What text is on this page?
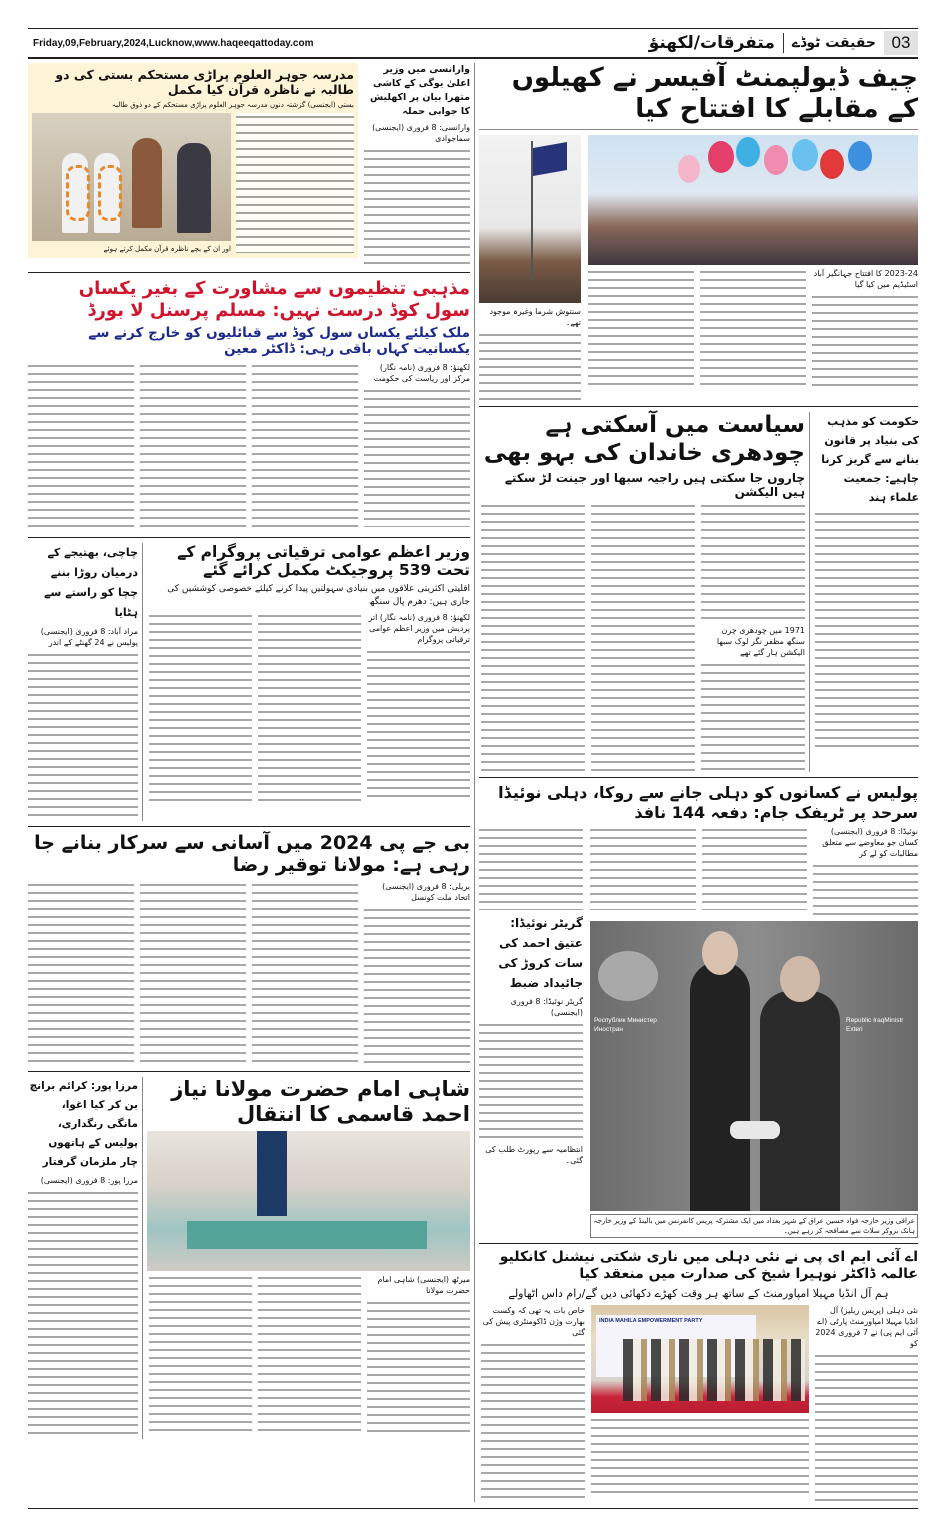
Friday,09,February,2024,Lucknow,www.haqeeqattoday.com	متفرقات/لکھنؤ	حقیقت ٹوڈے 03
مدرسہ جوہر العلوم پراڑی مستحکم بستی کی دو طالبہ نے ناظرہ قرآن کیا مکمل
بستی (ایجنسی) گزشتہ دنوں مدرسہ جوہر العلوم پراڑی مستحکم کے دو ذوق طالبہ
اور ان کے بچے ناظرہ قرآن مکمل کرتے ہوئے
وارانسی میں وزیر اعلیٰ یوگی کے کاشی متھرا بیان پر اکھلیش کا جوابی حملہ
وارانسی: 8 فروری (ایجنسی) سماجوادی
مذہبی تنظیموں سے مشاورت کے بغیر یکساں سول کوڈ درست نہیں: مسلم پرسنل لا بورڈ
ملک کیلئے یکساں سول کوڈ سے قبائلیوں کو خارج کرنے سے یکسانیت کہاں باقی رہی: ڈاکٹر معین
لکھنؤ: 8 فروری (نامہ نگار) مرکز اور ریاست کی حکومت
چاچی، بھتیجے کے درمیان روڑا بننے چچا کو راستے سے ہٹایا
مراد آباد: 8 فروری (ایجنسی) پولیس نے 24 گھنٹے کے اندر
وزیر اعظم عوامی ترقیاتی پروگرام کے تحت 539 پروجیکٹ مکمل کرائے گئے
اقلیتی اکثریتی علاقوں میں بنیادی سہولتیں پیدا کرنے کیلئے خصوصی کوششیں کی جاری ہیں: دھرم پال سنگھ
لکھنؤ: 8 فروری (نامہ نگار) اتر پردیش میں وزیر اعظم عوامی ترقیاتی پروگرام
بی جے پی 2024 میں آسانی سے سرکار بنانے جا رہی ہے: مولانا توقیر رضا
بریلی: 8 فروری (ایجنسی) اتحاد ملت کونسل
مرزا پور: کرائم برانچ بن کر کیا اغوا، مانگی رنگداری، پولیس کے ہاتھوں چار ملزمان گرفتار
مرزا پور: 8 فروری (ایجنسی)
شاہی امام حضرت مولانا نیاز احمد قاسمی کا انتقال
میرٹھ (ایجنسی) شاہی امام حضرت مولانا
چیف ڈیولپمنٹ آفیسر نے کھیلوں کے مقابلے کا افتتاح کیا
2023-24 کا افتتاح جہانگیر آباد اسٹیڈیم میں کیا گیا
سنتوش شرما وغیرہ موجود تھے۔
سیاست میں آسکتی ہے چودھری خاندان کی بہو بھی
چاروں جا سکتی ہیں راجیہ سبھا اور جینت لڑ سکتے ہیں الیکشن
1971 میں چودھری چرن سنگھ مظفر نگر لوک سبھا الیکشن ہار گئے تھے
حکومت کو مذہب کی بنیاد پر قانون بنانے سے گریز کرنا چاہیے: جمعیت علماء ہند
پولیس نے کسانوں کو دہلی جانے سے روکا، دہلی نوئیڈا سرحد پر ٹریفک جام: دفعہ 144 نافذ
نوئیڈا: 8 فروری (ایجنسی) کسان جو معاوضے سے متعلق مطالبات کو لے کر
Республик Министер Иностран
Republic IraqMinistr Exteri
عراقی وزیر خارجہ فواد حسین عراق کے شہر بغداد میں ایک مشترکہ پریس کانفرنس میں بالینڈ کے وزیر خارجہ ہانک بروکر سلاٹ سے مصافحہ کر رہے ہیں۔
گریٹر نوئیڈا: عتیق احمد کی سات کروڑ کی جائیداد ضبط
گریٹر نوئیڈا: 8 فروری (ایجنسی)
انتظامیہ سے رپورٹ طلب کی گئی۔
اے آئی ایم ای پی نے نئی دہلی میں ناری شکتی نیشنل کانکلیو عالمہ ڈاکٹر نوہیرا شیخ کی صدارت میں منعقد کیا
ہم آل انڈیا مہیلا امپاورمنٹ کے ساتھ ہر وقت کھڑے دکھائی دیں گے/رام داس اٹھاولے
نئی دہلی (پریس ریلیز) آل انڈیا مہیلا امپاورمنٹ پارٹی (اے آئی ایم پی) نے 7 فروری 2024 کو
INDIA MAHILA EMPOWERMENT PARTY
خاص بات یہ تھی کہ وکست بھارت وژن ڈاکومنٹری پیش کی گئی
